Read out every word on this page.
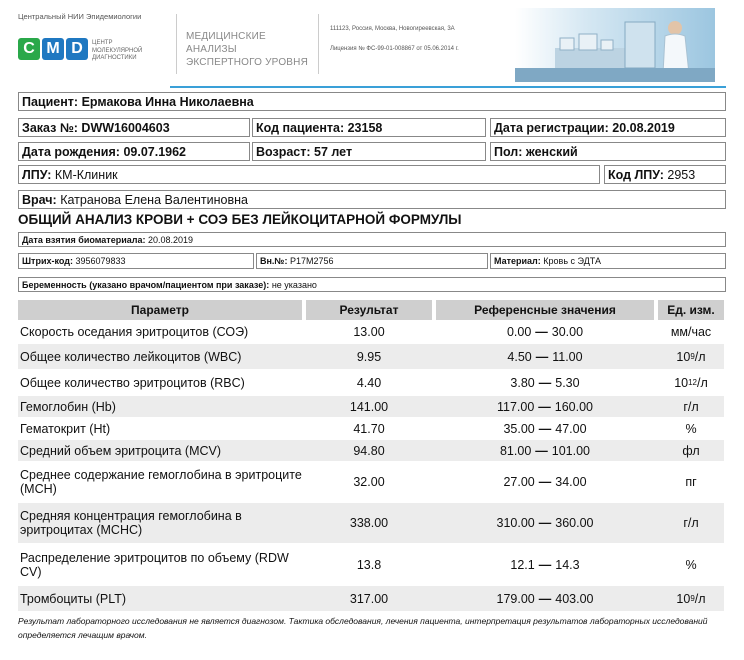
Центральный НИИ Эпидемиологии
C M D	ЦЕНТР
МОЛЕКУЛЯРНОЙ
ДИАГНОСТИКИ
МЕДИЦИНСКИЕ
АНАЛИЗЫ
ЭКСПЕРТНОГО УРОВНЯ
111123, Россия, Москва, Новогиреевская, 3А
Лицензия № ФС-99-01-008867 от 05.06.2014 г.
Пациент:
Ермакова Инна Николаевна
Заказ №:
DWW16004603	Код пациента:
23158	Дата регистрации:
20.08.2019
Дата рождения:
09.07.1962	Возраст:
57 лет	Пол:
женский
ЛПУ:
КМ-Клиник	Код ЛПУ:
2953
Врач:
Катранова Елена Валентиновна
ОБЩИЙ АНАЛИЗ КРОВИ + СОЭ БЕЗ ЛЕЙКОЦИТАРНОЙ ФОРМУЛЫ
Дата взятия биоматериала:
20.08.2019
Штрих-код:
3956079833	Вн.№:
P17M2756	Материал:
Кровь с ЭДТА
Беременность (указано врачом/пациентом при заказе):
не указано
Параметр	Результат	Референсные значения	Ед. изм.
Скорость оседания эритроцитов (СОЭ)	13.00	0.00 — 30.00	мм/час
Общее количество лейкоцитов (WBC)	9.95	4.50 — 11.00	10 9 /л
Общее количество эритроцитов (RBC)	4.40	3.80 — 5.30	10 12 /л
Гемоглобин (Hb)	141.00	117.00 — 160.00	г/л
Гематокрит (Ht)	41.70	35.00 — 47.00	%
Средний объем эритроцита (MCV)	94.80	81.00 — 101.00	фл
Среднее содержание гемоглобина в эритроците (MCH)	32.00	27.00 — 34.00	пг
Средняя концентрация гемоглобина в эритроцитах (MCHC)	338.00	310.00 — 360.00	г/л
Распределение эритроцитов по объему (RDW CV)	13.8	12.1 — 14.3	%
Тромбоциты (PLT)	317.00	179.00 — 403.00	10 9 /л
Результат лабораторного исследования не является диагнозом. Тактика обследования, лечения пациента, интерпретация результатов лабораторных исследований определяется лечащим врачом.
